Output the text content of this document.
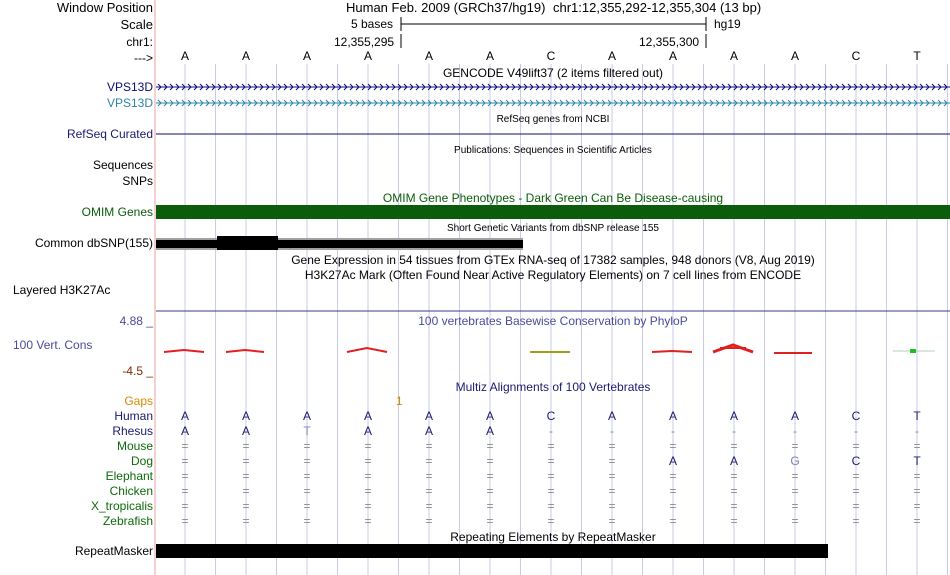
Window Position
Scale
chr1:
--->
Human Feb. 2009 (GRCh37/hg19) chr1:12,355,292-12,355,304 (13 bp)
5 bases	hg19
12,355,295	12,355,300
A	A	A	A	A	A	C	A	A	A	A	C	T
GENCODE V49lift37 (2 items filtered out)
VPS13D
VPS13D
RefSeq genes from NCBI
RefSeq Curated
Publications: Sequences in Scientific Articles
Sequences
SNPs
OMIM Gene Phenotypes - Dark Green Can Be Disease-causing
OMIM Genes
Short Genetic Variants from dbSNP release 155
Common dbSNP(155)
Gene Expression in 54 tissues from GTEx RNA-seq of 17382 samples, 948 donors (V8, Aug 2019)
H3K27Ac Mark (Often Found Near Active Regulatory Elements) on 7 cell lines from ENCODE
Layered H3K27Ac
4.88 _	100 vertebrates Basewise Conservation by PhyloP
100 Vert. Cons
-4.5 _
Multiz Alignments of 100 Vertebrates
Gaps	1
Human A	A	A	A	A	A	C	A	A	A	A	C	T
Rhesus A	A	T	A	A	A	-	-	-	-	-	-	-
Mouse =	=	=	=	=	=	=	=	=	=	=	=	=
Dog =	=	=	=	=	=	=	=	A	A	G	C	T
Elephant =	=	=	=	=	=	=	=	=	=	=	=	=
Chicken =	=	=	=	=	=	=	=	=	=	=	=	=
X_tropicalis =	=	=	=	=	=	=	=	=	=	=	=	=
Zebrafish =	=	=	=	=	=	=	=	=	=	=	=	=
Repeating Elements by RepeatMasker
RepeatMasker
